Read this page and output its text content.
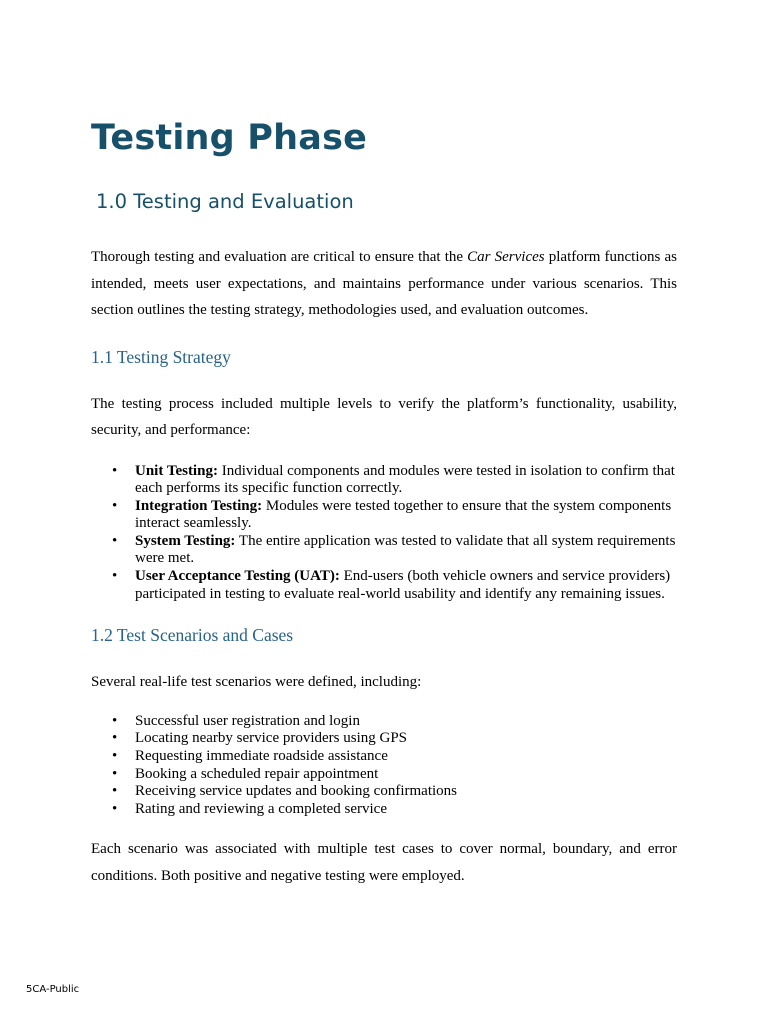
Testing Phase
1.0 Testing and Evaluation

Thorough testing and evaluation are critical to ensure that the Car Services platform functions as intended, meets user expectations, and maintains performance under various scenarios. This section outlines the testing strategy, methodologies used, and evaluation outcomes.

1.1 Testing Strategy

The testing process included multiple levels to verify the platform’s functionality, usability, security, and performance:

• Unit Testing: Individual components and modules were tested in isolation to confirm that each performs its specific function correctly.
• Integration Testing: Modules were tested together to ensure that the system components interact seamlessly.
• System Testing: The entire application was tested to validate that all system requirements were met.
• User Acceptance Testing (UAT): End-users (both vehicle owners and service providers) participated in testing to evaluate real-world usability and identify any remaining issues.
1.2 Test Scenarios and Cases

Several real-life test scenarios were defined, including:

• Successful user registration and login
• Locating nearby service providers using GPS
• Requesting immediate roadside assistance
• Booking a scheduled repair appointment
• Receiving service updates and booking confirmations
• Rating and reviewing a completed service

Each scenario was associated with multiple test cases to cover normal, boundary, and error conditions. Both positive and negative testing were employed.

5CA-Public
